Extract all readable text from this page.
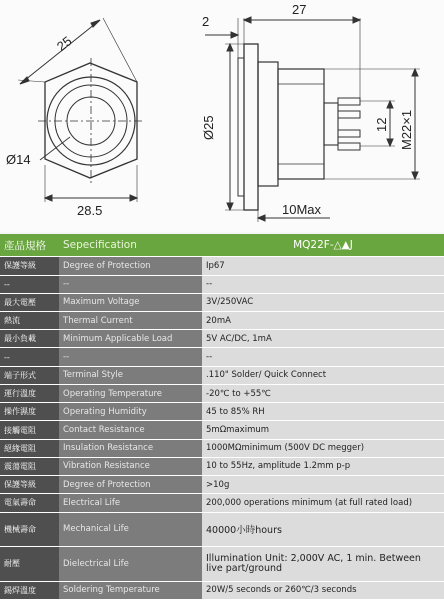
25
Ø14
28.5
2
27
Ø25	12 M22×1
10Max
產品規格	Sepecification	MQ22F-△▲J
保護等級	Degree of Protection	Ip67
--	--	--
最大電壓	Maximum Voltage	3V/250VAC
熱流	Thermal Current	20mA
最小負載	Minimum Applicable Load	5V AC/DC, 1mA
--	--	--
端子形式	Terminal Style	.110" Solder/ Quick Connect
運行溫度	Operating Temperature	-20℃ to +55℃
操作濕度	Operating Humidity	45 to 85% RH
接觸電阻	Contact Resistance	5mΩmaximum
絕緣電阻	Insulation Resistance	1000MΩminimum (500V DC megger)
震蕩電阻	Vibration Resistance	10 to 55Hz, amplitude 1.2mm p-p
保護等級	Degree of Protection	>10g
電氣壽命	Electrical Life	200,000 operations minimum (at full rated load)
機械壽命	Mechanical Life	40000小時hours
耐壓	Dielectrical Life	Illumination Unit: 2,000V AC, 1 min. Between live part/ground
錫焊溫度	Soldering Temperature	20W/5 seconds or 260℃/3 seconds
